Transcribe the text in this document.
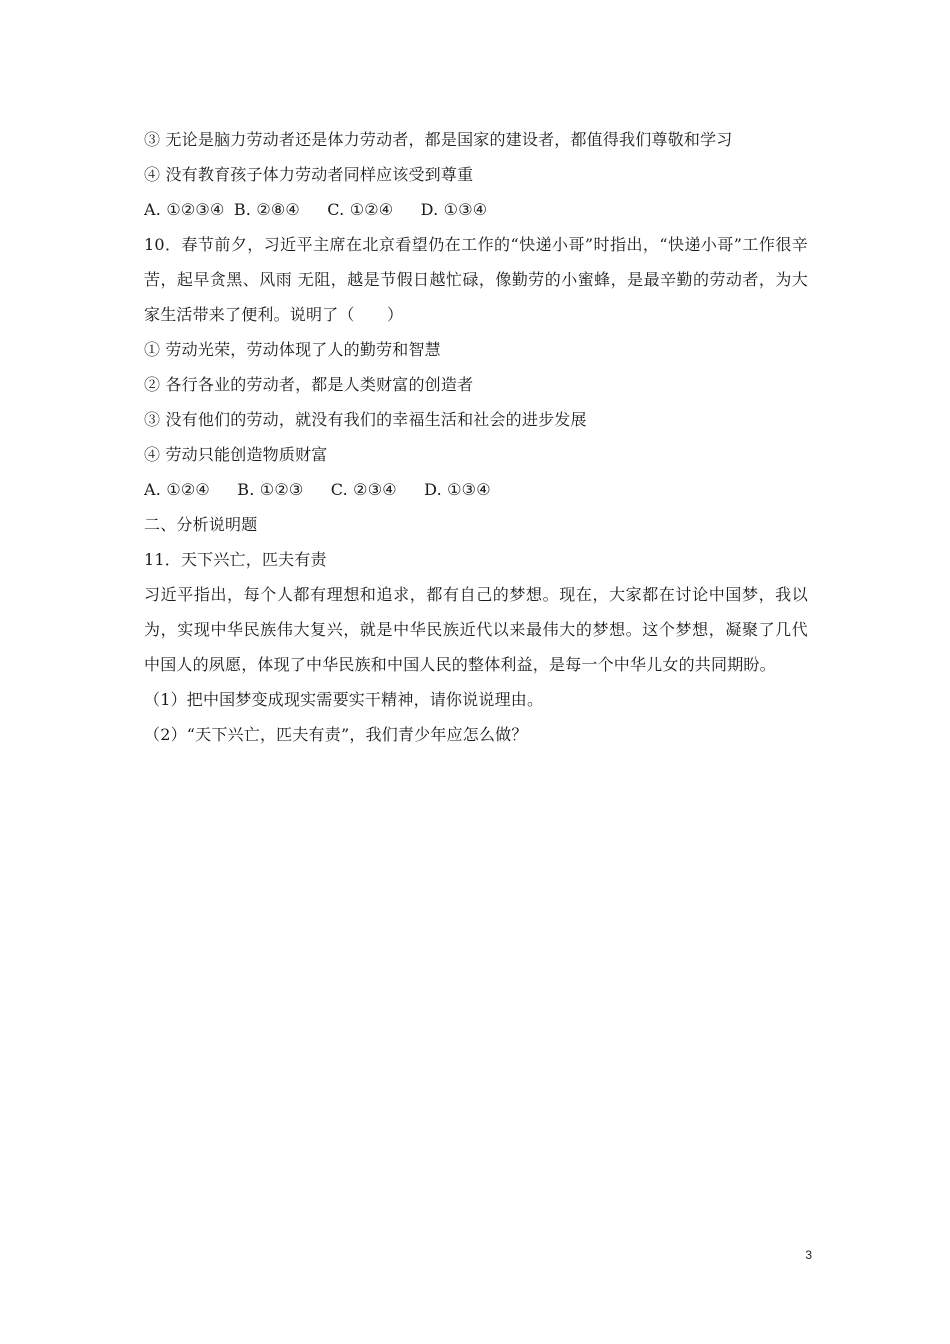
③ 无论是脑力劳动者还是体力劳动者，都是国家的建设者，都值得我们尊敬和学习
④ 没有教育孩子体力劳动者同样应该受到尊重
A. ①②③④ B. ②⑧④ C. ①②④ D. ①③④
10．春节前夕，习近平主席在北京看望仍在工作的“快递小哥”时指出，“快递小哥”工作很辛苦，起早贪黑、风雨 无阻，越是节假日越忙碌，像勤劳的小蜜蜂，是最辛勤的劳动者，为大家生活带来了便利。说明了（　　）
① 劳动光荣，劳动体现了人的勤劳和智慧
② 各行各业的劳动者，都是人类财富的创造者
③ 没有他们的劳动，就没有我们的幸福生活和社会的进步发展
④ 劳动只能创造物质财富
A. ①②④ B. ①②③ C. ②③④ D. ①③④
二、分析说明题
11．天下兴亡，匹夫有责
习近平指出，每个人都有理想和追求，都有自己的梦想。现在，大家都在讨论中国梦，我以为，实现中华民族伟大复兴，就是中华民族近代以来最伟大的梦想。这个梦想，凝聚了几代中国人的夙愿，体现了中华民族和中国人民的整体利益，是每一个中华儿女的共同期盼。
（1）把中国梦变成现实需要实干精神，请你说说理由。
（2）“天下兴亡，匹夫有责”，我们青少年应怎么做？
3
